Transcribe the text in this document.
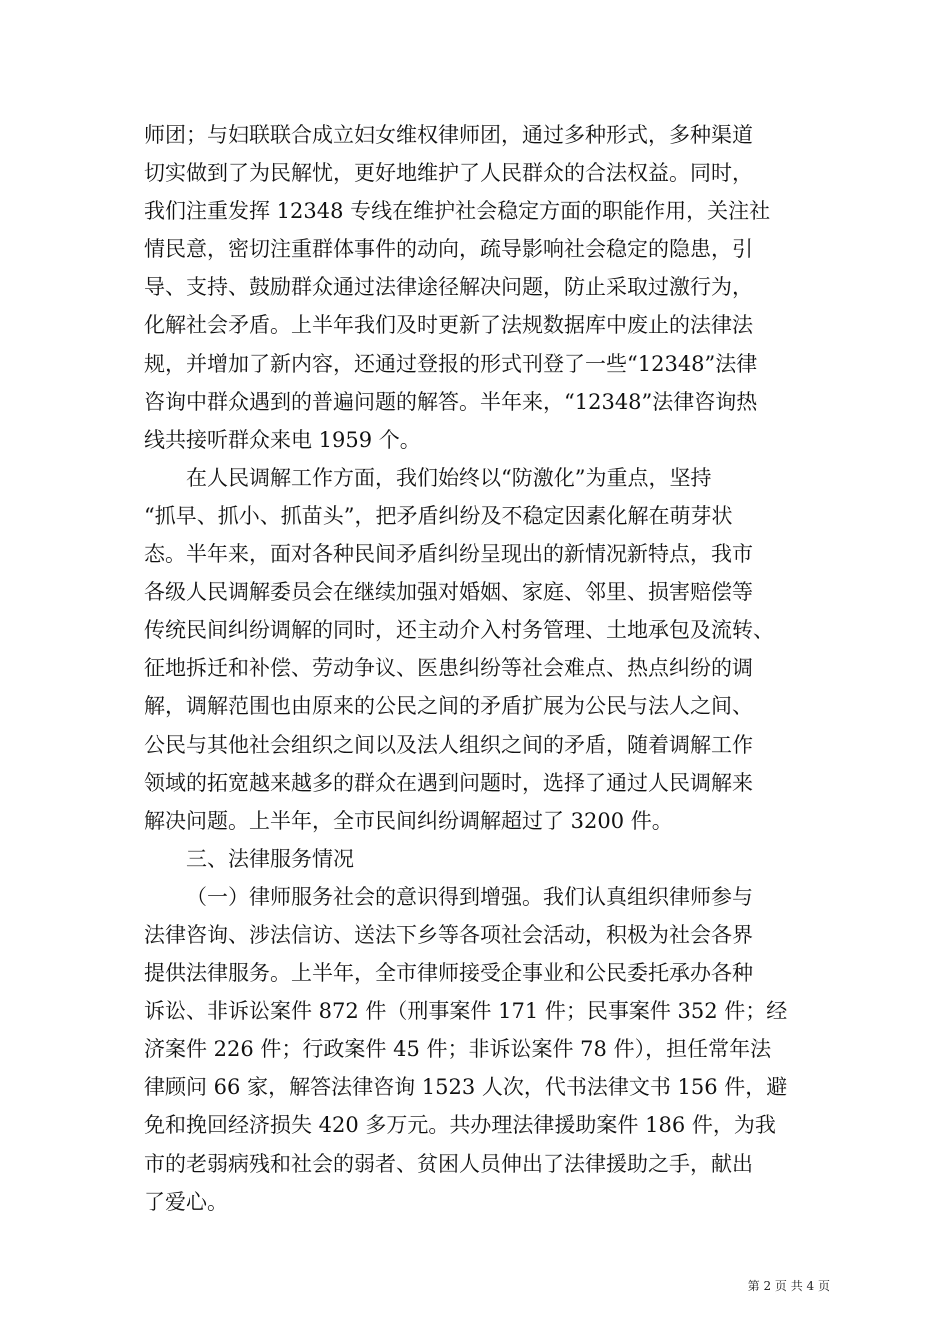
师团；与妇联联合成立妇女维权律师团，通过多种形式，多种渠道
切实做到了为民解忧，更好地维护了人民群众的合法权益。同时，
我们注重发挥 12348 专线在维护社会稳定方面的职能作用，关注社
情民意，密切注重群体事件的动向，疏导影响社会稳定的隐患，引
导、支持、鼓励群众通过法律途径解决问题，防止采取过激行为，
化解社会矛盾。上半年我们及时更新了法规数据库中废止的法律法
规，并增加了新内容，还通过登报的形式刊登了一些“12348”法律
咨询中群众遇到的普遍问题的解答。半年来，“12348”法律咨询热
线共接听群众来电 1959 个。
在人民调解工作方面，我们始终以“防激化”为重点，坚持
“抓早、抓小、抓苗头”，把矛盾纠纷及不稳定因素化解在萌芽状
态。半年来，面对各种民间矛盾纠纷呈现出的新情况新特点，我市
各级人民调解委员会在继续加强对婚姻、家庭、邻里、损害赔偿等
传统民间纠纷调解的同时，还主动介入村务管理、土地承包及流转、
征地拆迁和补偿、劳动争议、医患纠纷等社会难点、热点纠纷的调
解，调解范围也由原来的公民之间的矛盾扩展为公民与法人之间、
公民与其他社会组织之间以及法人组织之间的矛盾，随着调解工作
领域的拓宽越来越多的群众在遇到问题时，选择了通过人民调解来
解决问题。上半年，全市民间纠纷调解超过了 3200 件。
三、法律服务情况
（一）律师服务社会的意识得到增强。我们认真组织律师参与
法律咨询、涉法信访、送法下乡等各项社会活动，积极为社会各界
提供法律服务。上半年，全市律师接受企事业和公民委托承办各种
诉讼、非诉讼案件 872 件（刑事案件 171 件；民事案件 352 件；经
济案件 226 件；行政案件 45 件；非诉讼案件 78 件），担任常年法
律顾问 66 家，解答法律咨询 1523 人次，代书法律文书 156 件，避
免和挽回经济损失 420 多万元。共办理法律援助案件 186 件，为我
市的老弱病残和社会的弱者、贫困人员伸出了法律援助之手，献出
了爱心。
第 2 页 共 4 页
